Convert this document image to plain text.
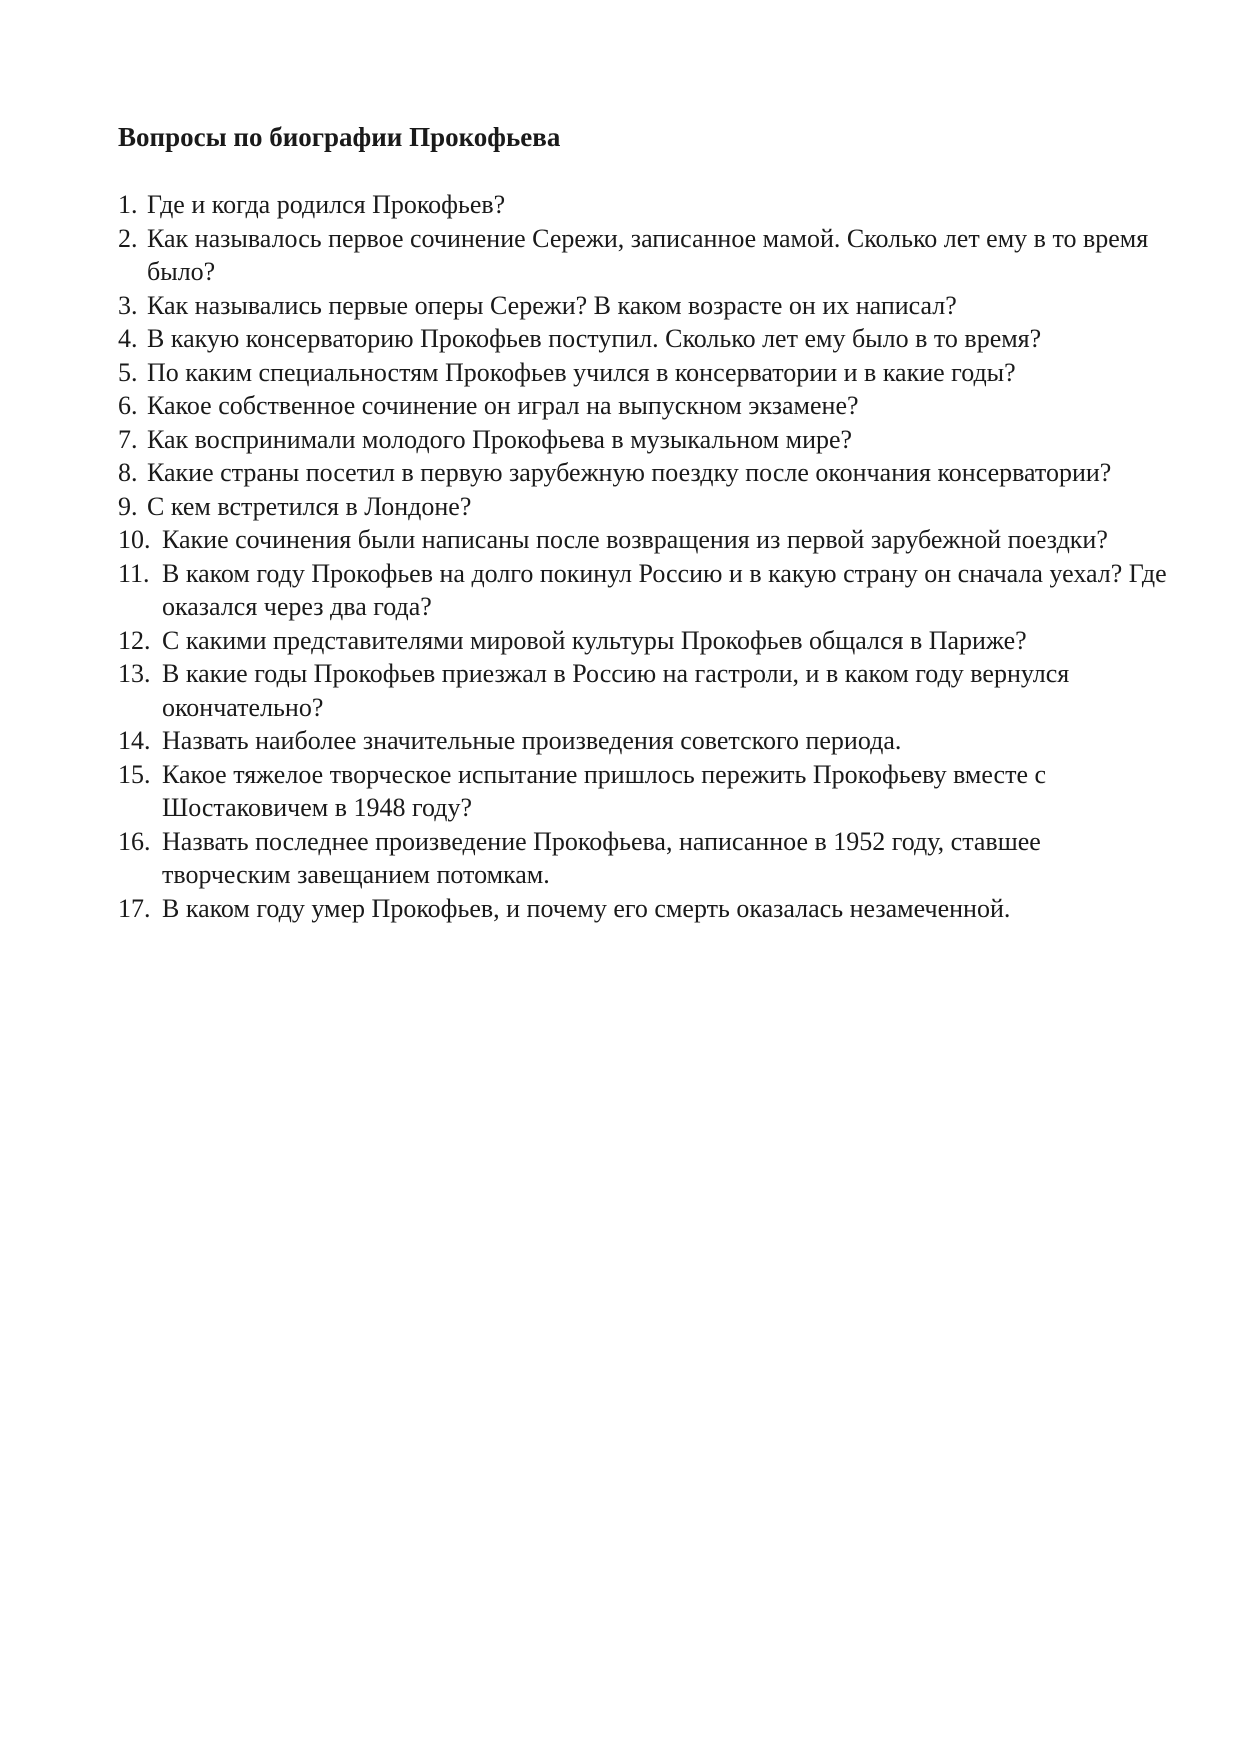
Вопросы по биографии Прокофьева
1. Где и когда родился Прокофьев?
2. Как называлось первое сочинение Сережи, записанное мамой. Сколько лет ему в то время было?
3. Как назывались первые оперы Сережи? В каком возрасте он их написал?
4. В какую консерваторию Прокофьев поступил. Сколько лет ему было в то время?
5. По каким специальностям Прокофьев учился в консерватории и в какие годы?
6. Какое собственное сочинение он играл на выпускном экзамене?
7. Как воспринимали молодого Прокофьева в музыкальном мире?
8. Какие страны посетил в первую зарубежную поездку после окончания консерватории?
9. С кем встретился в Лондоне?
10. Какие сочинения были написаны после возвращения из первой зарубежной поездки?
11. В каком году Прокофьев на долго покинул Россию и в какую страну он сначала уехал? Где оказался через два года?
12. С какими представителями мировой культуры Прокофьев общался в Париже?
13. В какие годы Прокофьев приезжал в Россию на гастроли, и в каком году вернулся окончательно?
14. Назвать наиболее значительные произведения советского периода.
15. Какое тяжелое творческое испытание пришлось пережить Прокофьеву вместе с Шостаковичем в 1948 году?
16. Назвать последнее произведение Прокофьева, написанное в 1952 году, ставшее творческим завещанием потомкам.
17. В каком году умер Прокофьев, и почему его смерть оказалась незамеченной.
